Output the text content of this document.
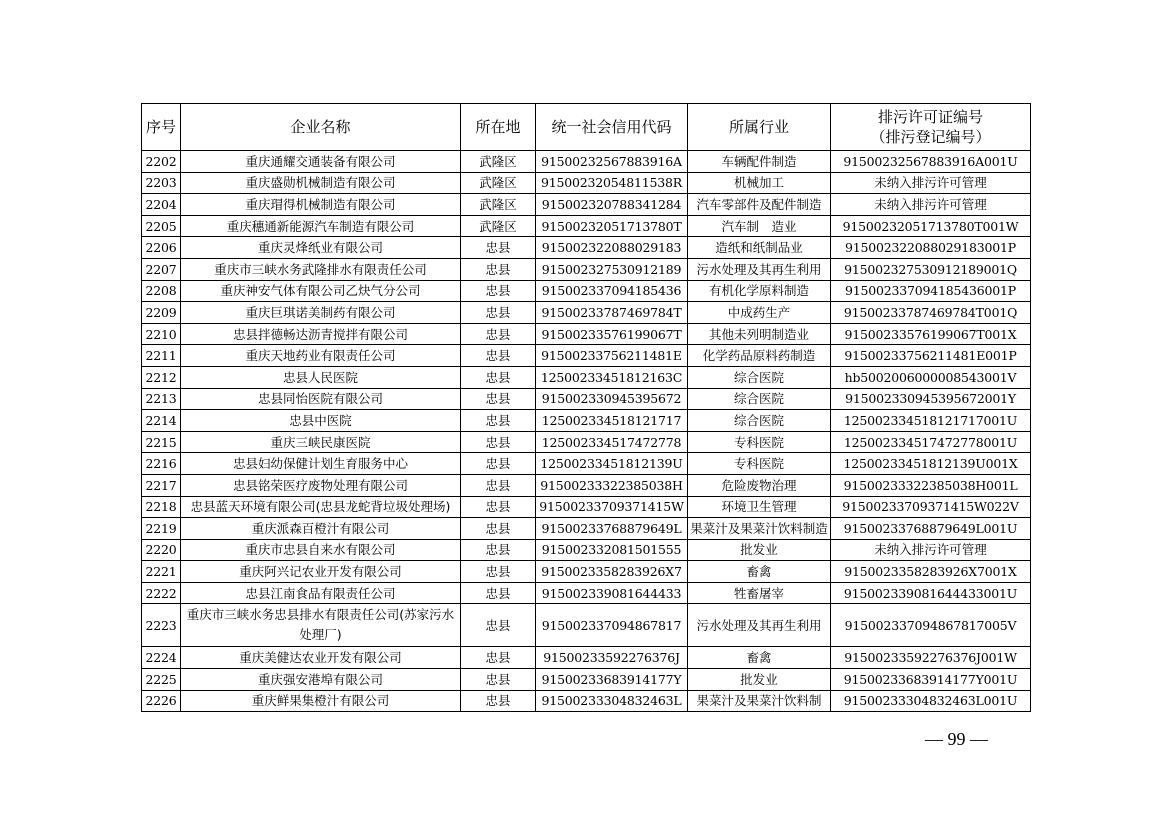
序号	企业名称	所在地	统一社会信用代码	所属行业	排污许可证编号
（排污登记编号）
2202	重庆通耀交通装备有限公司	武隆区	91500232567883916A	车辆配件制造	91500232567883916A001U
2203	重庆盛勋机械制造有限公司	武隆区	91500232054811538R	机械加工	未纳入排污许可管理
2204	重庆瑁得机械制造有限公司	武隆区	915002320788341284	汽车零部件及配件制造	未纳入排污许可管理
2205	重庆穗通新能源汽车制造有限公司	武隆区	91500232051713780T	汽车制　造业	91500232051713780T001W
2206	重庆灵烽纸业有限公司	忠县	915002322088029183	造纸和纸制品业	915002322088029183001P
2207	重庆市三峡水务武隆排水有限责任公司	忠县	915002327530912189	污水处理及其再生利用	915002327530912189001Q
2208	重庆神安气体有限公司乙炔气分公司	忠县	915002337094185436	有机化学原料制造	915002337094185436001P
2209	重庆巨琪诺美制药有限公司	忠县	91500233787469784T	中成药生产	91500233787469784T001Q
2210	忠县拌德畅达沥青搅拌有限公司	忠县	91500233576199067T	其他未列明制造业	91500233576199067T001X
2211	重庆天地药业有限责任公司	忠县	91500233756211481E	化学药品原料药制造	91500233756211481E001P
2212	忠县人民医院	忠县	12500233451812163C	综合医院	hb500200600000854300​1V
2213	忠县同怡医院有限公司	忠县	915002330945395672	综合医院	915002330945395672001Y
2214	忠县中医院	忠县	125002334518121717	综合医院	125002334518121717001U
2215	重庆三峡民康医院	忠县	125002334517472778	专科医院	125002334517472778001U
2216	忠县妇幼保健计划生育服务中心	忠县	12500233451812139U	专科医院	12500233451812139U001X
2217	忠县铭荣医疗废物处理有限公司	忠县	91500233322385038H	危险废物治理	91500233322385038H001L
2218	忠县蓝天环境有限公司(忠县龙蛇背垃圾处理场)	忠县	91500233709371415W	环境卫生管理	91500233709371415W022V
2219	重庆派森百橙汁有限公司	忠县	91500233768879649L	果菜汁及果菜汁饮料制造	91500233768879649L001U
2220	重庆市忠县自来水有限公司	忠县	915002332081501555	批发业	未纳入排污许可管理
2221	重庆阿兴记农业开发有限公司	忠县	9150023358283926X7	畜禽	9150023358283926X7001X
2222	忠县江南食品有限责任公司	忠县	915002339081644433	牲畜屠宰	915002339081644433001U
2223	重庆市三峡水务忠县排水有限责任公司(苏家污水处理厂)	忠县	915002337094867817	污水处理及其再生利用	915002337094867817005V
2224	重庆美健达农业开发有限公司	忠县	91500233592276376J	畜禽	91500233592276376J001W
2225	重庆强安港埠有限公司	忠县	91500233683914177Y	批发业	91500233683914177Y001U
2226	重庆鲜果集橙汁有限公司	忠县	91500233304832463L	果菜汁及果菜汁饮料制	91500233304832463L001U
— 99 —
